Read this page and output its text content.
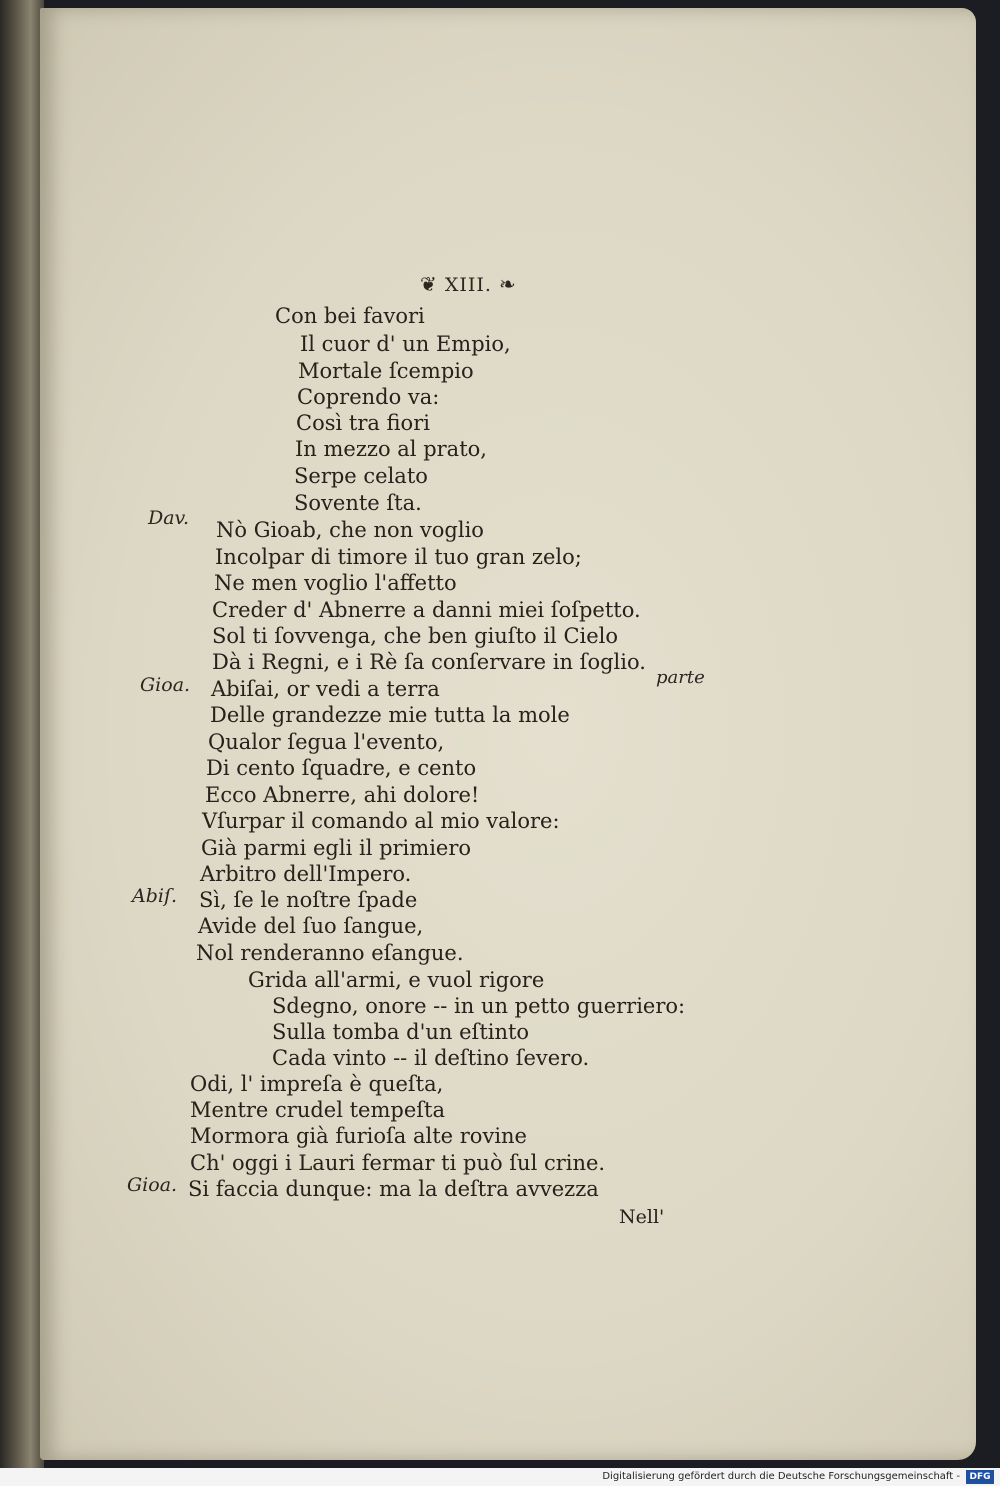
❦ XIII. ❧
Con bei favori
Il cuor d' un Empio,
Mortale ſcempio
Coprendo va:
Così tra fiori
In mezzo al prato,
Serpe celato
Sovente ſta.
Dav. Nò Gioab, che non voglio
Incolpar di timore il tuo gran zelo;
Ne men voglio l'affetto
Creder d' Abnerre a danni miei ſoſpetto.
Sol ti ſovvenga, che ben giuſto il Cielo
Dà i Regni, e i Rè ſa conſervare in ſoglio.
parte
Gioa. Abiſai, or vedi a terra
Delle grandezze mie tutta la mole
Qualor ſegua l'evento,
Di cento ſquadre, e cento
Ecco Abnerre, ahi dolore!
Vſurpar il comando al mio valore:
Già parmi egli il primiero
Arbitro dell'Impero.
Abiſ. Sì, ſe le noſtre ſpade
Avide del ſuo ſangue,
Nol renderanno eſangue.
Grida all'armi, e vuol rigore
Sdegno, onore -- in un petto guerriero:
Sulla tomba d'un eſtinto
Cada vinto -- il deſtino ſevero.
Odi, l' impreſa è queſta,
Mentre crudel tempeſta
Mormora già furioſa alte rovine
Ch' oggi i Lauri fermar ti può ſul crine.
Gioa. Si faccia dunque: ma la deſtra avvezza
Nell'
Digitalisierung gefördert durch die Deutsche Forschungsgemeinschaft -	DFG
